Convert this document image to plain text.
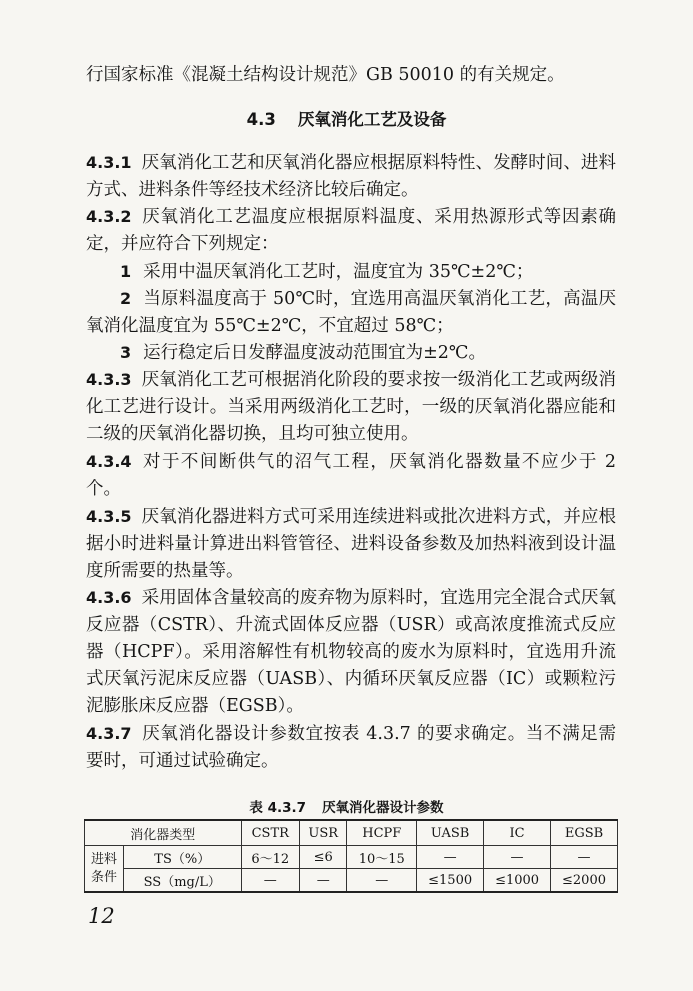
行国家标准《混凝土结构设计规范》GB 50010 的有关规定。

4.3 厌氧消化工艺及设备

4.3.1 厌氧消化工艺和厌氧消化器应根据原料特性、发酵时间、进料方式、进料条件等经技术经济比较后确定。

4.3.2 厌氧消化工艺温度应根据原料温度、采用热源形式等因素确定，并应符合下列规定：

1 采用中温厌氧消化工艺时，温度宜为 35℃±2℃；

2 当原料温度高于 50℃时，宜选用高温厌氧消化工艺，高温厌氧消化温度宜为 55℃±2℃，不宜超过 58℃；

3 运行稳定后日发酵温度波动范围宜为±2℃。

4.3.3 厌氧消化工艺可根据消化阶段的要求按一级消化工艺或两级消化工艺进行设计。当采用两级消化工艺时，一级的厌氧消化器应能和二级的厌氧消化器切换，且均可独立使用。

4.3.4 对于不间断供气的沼气工程，厌氧消化器数量不应少于 2 个。

4.3.5 厌氧消化器进料方式可采用连续进料或批次进料方式，并应根据小时进料量计算进出料管管径、进料设备参数及加热料液到设计温度所需要的热量等。

4.3.6 采用固体含量较高的废弃物为原料时，宜选用完全混合式厌氧反应器（CSTR）、升流式固体反应器（USR）或高浓度推流式反应器（HCPF）。采用溶解性有机物较高的废水为原料时，宜选用升流式厌氧污泥床反应器（UASB）、内循环厌氧反应器（IC）或颗粒污泥膨胀床反应器（EGSB）。

4.3.7 厌氧消化器设计参数宜按表 4.3.7 的要求确定。当不满足需要时，可通过试验确定。

表 4.3.7 厌氧消化器设计参数
消化器类型		CSTR	USR	HCPF	UASB	IC	EGSB
进料
条件	TS（%）	6～12	≤6	10～15	—	—	—
	SS（mg/L）	—	—	—	≤1500	≤1000	≤2000
12
